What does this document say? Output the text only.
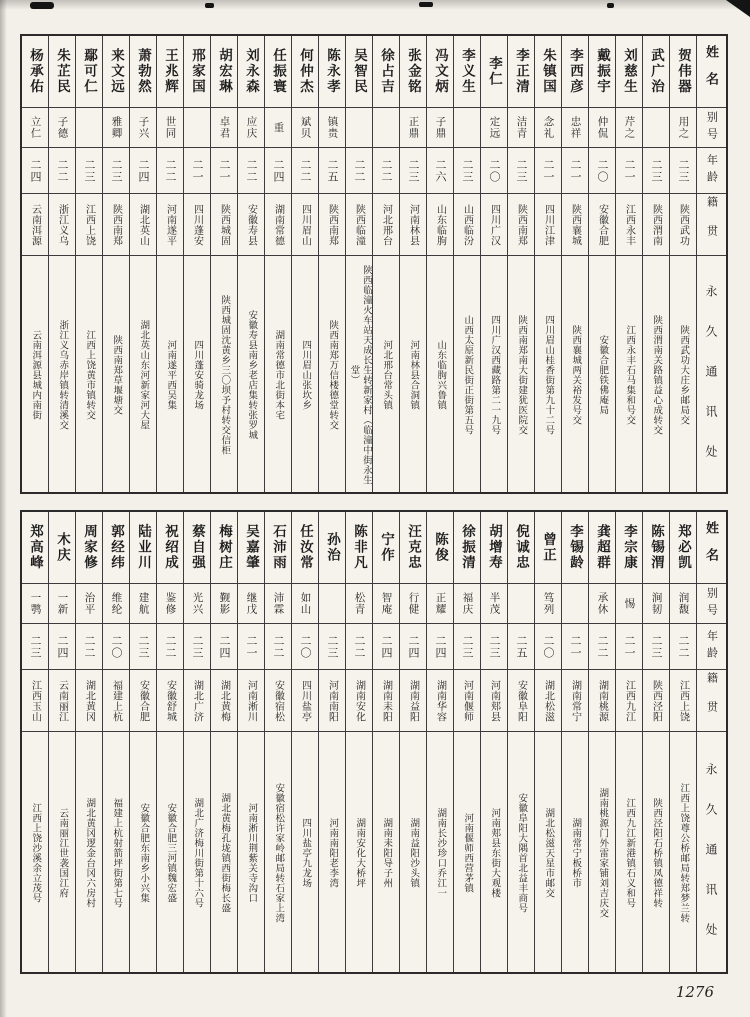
姓名
别号
年龄
籍贯
永久通讯处
贺伟器
用之
二三
陕西武功
陕西武功大庄乡邮局交
武广治
二三
陕西渭南
陕西渭南关路镇益心成转交
刘慈生
芹之
二一
江西永丰
江西永丰石马集和号交
戴振宇
仲侃
二〇
安徽合肥
安徽合肥铁佛庵局
李西彦
忠祥
二一
陕西襄城
陕西襄城两关裕发号交
朱镇国
念礼
二一
四川江津
四川眉山桂香街第九十二号
李正清
洁青
二三
陕西南郑
陕西南郑南大街建犹医院交
李仁
定远
二〇
四川广汉
四川广汉西藏路第二一九号
李义生
二三
山西临汾
山西太原新民街正街第五号
冯文炳
子鼎
二六
山东临朐
山东临朐兴鲁镇
张金铭
正鼎
二三
河南林县
河南林县合洞镇
徐占吉
二二
河北邢台
河北邢台常头镇
吴智民
二二
陕西临潼
陕西临潼火车站天成长生转新家村（临潼中街永生堂）
陈永孝
镇贵
二五
陕西南郑
陕西南郑万信楼德堂转交
何仲杰
斌贝
二二
四川眉山
四川眉山张坎乡
任振寰
重
二四
湖南常德
湖南常德市北街本宅
刘永森
应庆
二二
安徽寿县
安徽寿县南乡老店集转张罗城
胡宏琳
卓君
二一
陕西城固
陕西城固沈黄乡三〇坝予村转交信柜
邢家国
二一
四川蓬安
四川蓬安骑龙场
王兆辉
世同
二二
河南遂平
河南遂平西吴集
萧勃然
子兴
二四
湖北英山
湖北英山东河新家河大屋
来文远
雅卿
二三
陕西南郑
陕西南郑草堰塘交
鄢可仁
二三
江西上饶
江西上饶黄市镇转交
朱芷民
子德
二二
浙江义乌
浙江义乌赤岸镇转清溪交
杨承佑
立仁
二四
云南洱源
云南洱源县城内南街
姓名
别号
年龄
籍贯
永久通讯处
郑必凯
润馥
二二
江西上饶
江西上饶尊公桥邮局转郑梦兰转
陈锡渭
涧韧
二三
陕西泾阳
陕西泾阳石桥镇凤德祥转
李宗康
惕
二一
江西九江
江西九江新港镇石义和号
龚超群
承休
二二
湖南桃源
湖南桃源门外雷家铺刘吉庆交
李锡龄
二一
湖南常宁
湖南常宁板桥市
曾正
笃列
二〇
湖北松滋
湖北松滋天星市邮交
倪诚忠
二五
安徽阜阳
安徽阜阳大隅首北益丰商号
胡增寿
半茂
二三
河南郏县
河南郏县东街大观楼
徐振清
福庆
二三
河南偃师
河南偃师西营茅镇
陈俊
正耀
二四
湖南华容
湖南长沙珍口乔江一
汪克忠
行健
二四
湖南益阳
湖南益阳沙头镇
宁作
智庵
二四
湖南耒阳
湖南耒阳导子州
陈非凡
松青
二二
湖南安化
湖南安化大桥坪
孙治
二三
河南南阳
河南南阳老李湾
任汝常
如山
二〇
四川盐亭
四川盐亭九龙场
石沛雨
沛霖
二二
安徽宿松
安徽宿松许家岭邮局转石家上湾
吴嘉肇
继戊
二一
河南淅川
河南淅川荆紫关寺沟口
梅树庄
觐影
二四
湖北黄梅
湖北黄梅孔垅镇西街梅长盛
蔡自强
光兴
二三
湖北广济
湖北广济梅川街第十六号
祝绍成
鉴修
二二
安徽舒城
安徽合肥三河镇魏宏盛
陆业川
建航
二三
安徽合肥
安徽合肥东南乡小兴集
郭经纬
维纶
二〇
福建上杭
福建上杭射箭坪街第七号
周家修
治平
二二
湖北黄冈
湖北黄冈逻金台冈六房村
木庆
一新
二四
云南丽江
云南丽江世袭国江府
郑高峰
一鹗
二三
江西玉山
江西上饶沙溪余立茂号
1276
